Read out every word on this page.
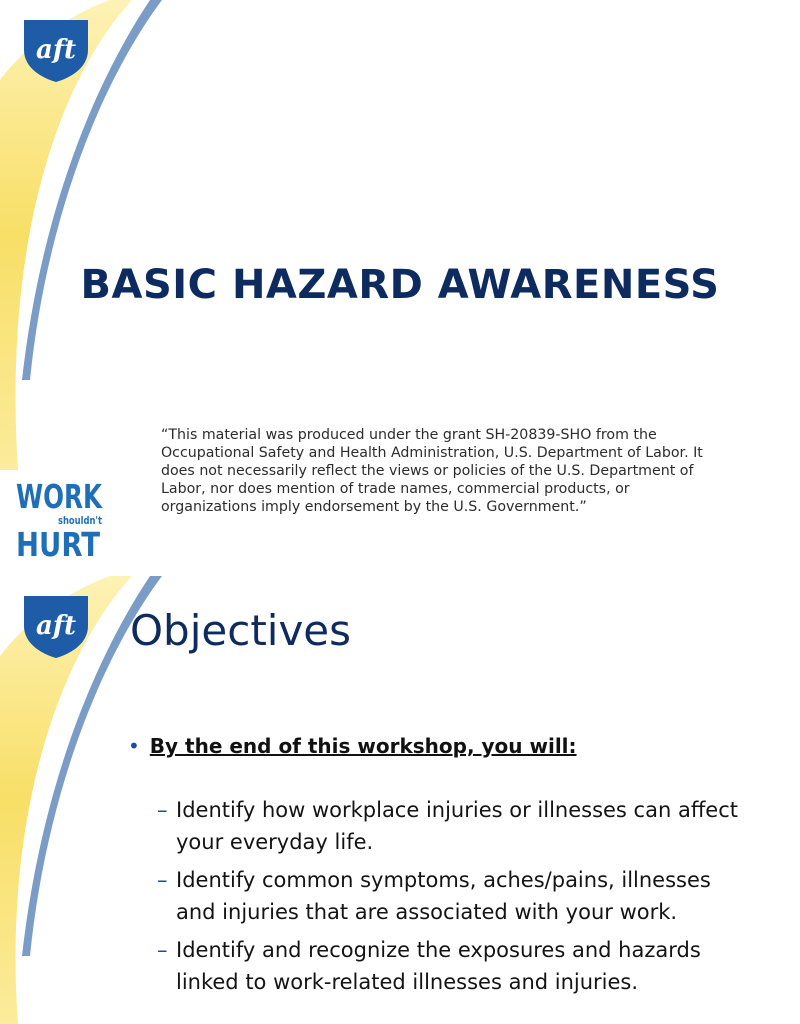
aft
BASIC HAZARD AWARENESS
“This material was produced under the grant SH-20839-SHO from the Occupational Safety and Health Administration, U.S. Department of Labor. It does not necessarily reflect the views or policies of the U.S. Department of Labor, nor does mention of trade names, commercial products, or organizations imply endorsement by the U.S. Government.”
WORK
shouldn't
HURT
aft Objectives
• By the end of this workshop, you will:
– Identify how workplace injuries or illnesses can affect your everyday life.
– Identify common symptoms, aches/pains, illnesses and injuries that are associated with your work.
– Identify and recognize the exposures and hazards linked to work-related illnesses and injuries.
